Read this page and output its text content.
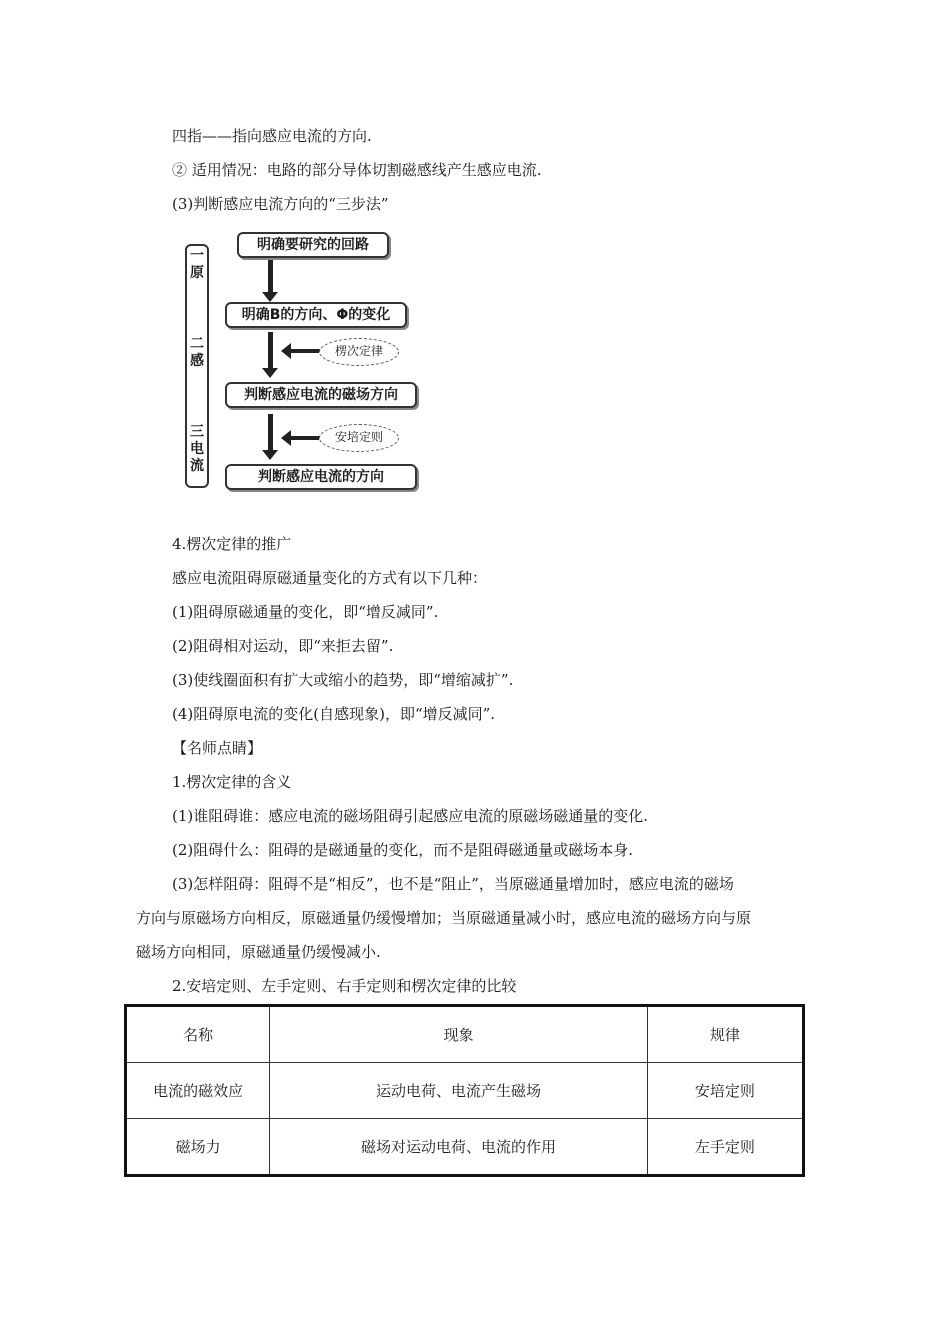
四指——指向感应电流的方向.
② 适用情况：电路的部分导体切割磁感线产生感应电流.
(3)判断感应电流方向的“三步法”
一原
二感
三电流
明确要研究的回路
明确B的方向、Φ的变化
楞次定律
判断感应电流的磁场方向
安培定则
判断感应电流的方向
4.楞次定律的推广
感应电流阻碍原磁通量变化的方式有以下几种：
(1)阻碍原磁通量的变化，即“增反减同”.
(2)阻碍相对运动，即“来拒去留”.
(3)使线圈面积有扩大或缩小的趋势，即“增缩减扩”.
(4)阻碍原电流的变化(自感现象)，即“增反减同”.
【名师点睛】
1.楞次定律的含义
(1)谁阻碍谁：感应电流的磁场阻碍引起感应电流的原磁场磁通量的变化.
(2)阻碍什么：阻碍的是磁通量的变化，而不是阻碍磁通量或磁场本身.
(3)怎样阻碍：阻碍不是“相反”，也不是“阻止”，当原磁通量增加时，感应电流的磁场
方向与原磁场方向相反，原磁通量仍缓慢增加；当原磁通量减小时，感应电流的磁场方向与原
磁场方向相同，原磁通量仍缓慢减小.
2.安培定则、左手定则、右手定则和楞次定律的比较
名称	现象	规律
电流的磁效应	运动电荷、电流产生磁场	安培定则
磁场力	磁场对运动电荷、电流的作用	左手定则
